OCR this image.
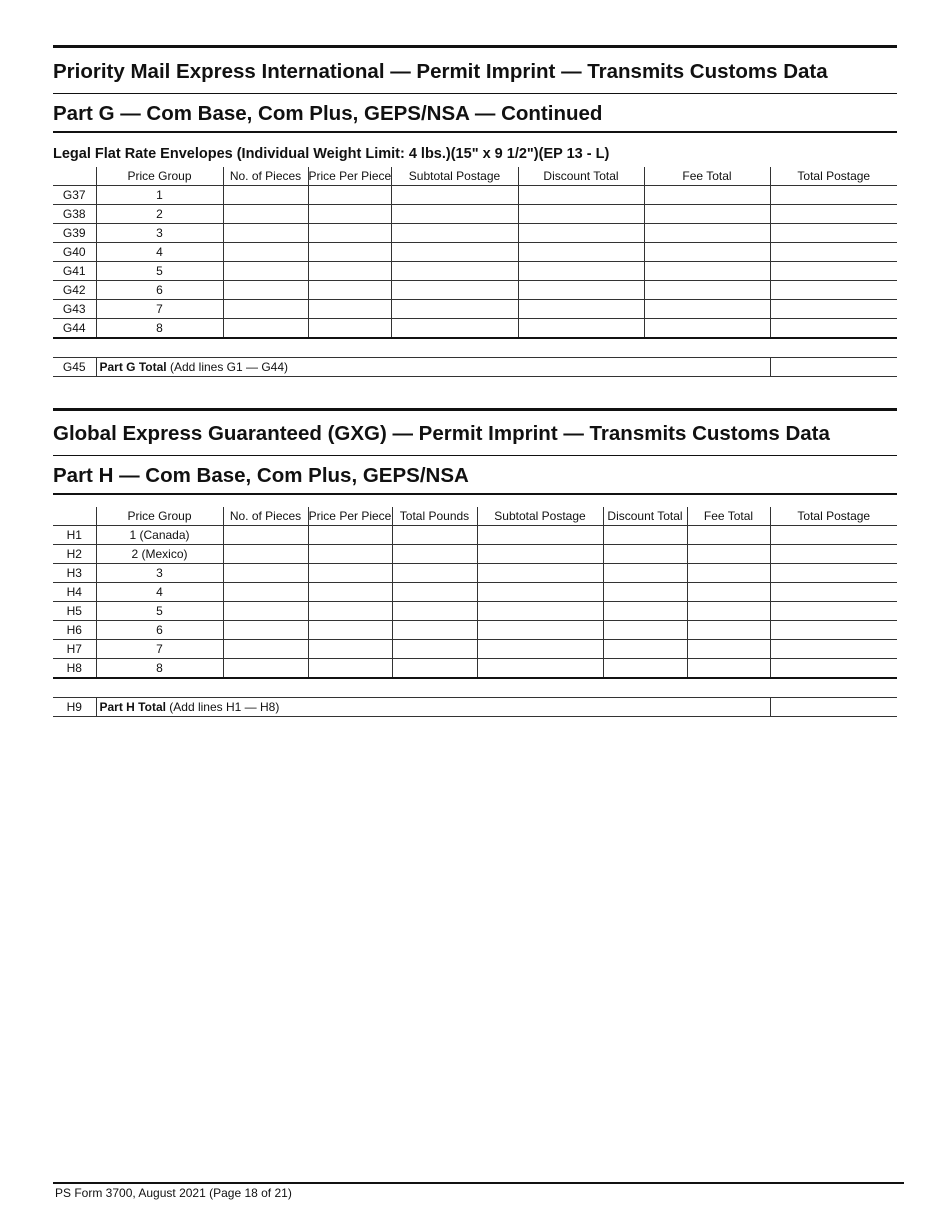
Priority Mail Express International — Permit Imprint — Transmits Customs Data
Part G — Com Base, Com Plus, GEPS/NSA — Continued
Legal Flat Rate Envelopes (Individual Weight Limit: 4 lbs.)(15" x 9 1/2")(EP 13 - L)
	Price Group	No. of Pieces	Price Per Piece	Subtotal Postage	Discount Total	Fee Total	Total Postage
G37	1						
G38	2						
G39	3						
G40	4						
G41	5						
G42	6						
G43	7						
G44	8						
G45	Part G Total (Add lines G1 — G44)	
Global Express Guaranteed (GXG) — Permit Imprint — Transmits Customs Data
Part H — Com Base, Com Plus, GEPS/NSA
	Price Group	No. of Pieces	Price Per Piece	Total Pounds	Subtotal Postage	Discount Total	Fee Total	Total Postage
H1	1 (Canada)							
H2	2 (Mexico)							
H3	3							
H4	4							
H5	5							
H6	6							
H7	7							
H8	8							
H9	Part H Total (Add lines H1 — H8)	
PS Form 3700, August 2021 (Page 18 of 21)
